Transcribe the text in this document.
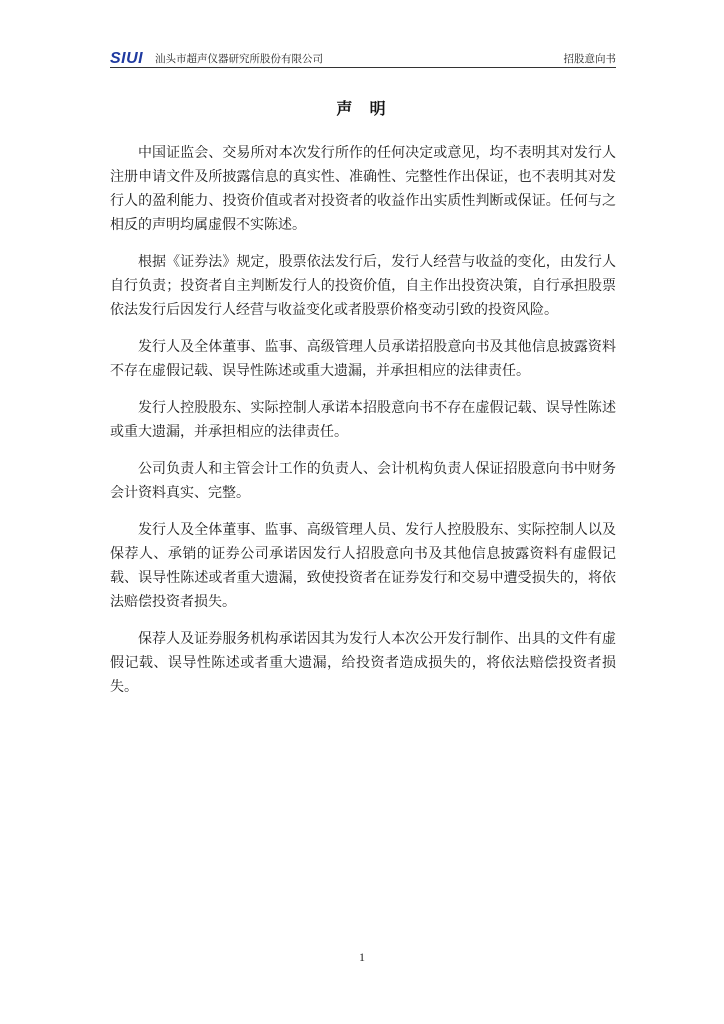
SIUI 汕头市超声仪器研究所股份有限公司	招股意向书
声  明

中国证监会、交易所对本次发行所作的任何决定或意见，均不表明其对发行人注册申请文件及所披露信息的真实性、准确性、完整性作出保证，也不表明其对发行人的盈利能力、投资价值或者对投资者的收益作出实质性判断或保证。任何与之相反的声明均属虚假不实陈述。

根据《证券法》规定，股票依法发行后，发行人经营与收益的变化，由发行人自行负责；投资者自主判断发行人的投资价值，自主作出投资决策，自行承担股票依法发行后因发行人经营与收益变化或者股票价格变动引致的投资风险。

发行人及全体董事、监事、高级管理人员承诺招股意向书及其他信息披露资料不存在虚假记载、误导性陈述或重大遗漏，并承担相应的法律责任。

发行人控股股东、实际控制人承诺本招股意向书不存在虚假记载、误导性陈述或重大遗漏，并承担相应的法律责任。

公司负责人和主管会计工作的负责人、会计机构负责人保证招股意向书中财务会计资料真实、完整。

发行人及全体董事、监事、高级管理人员、发行人控股股东、实际控制人以及保荐人、承销的证券公司承诺因发行人招股意向书及其他信息披露资料有虚假记载、误导性陈述或者重大遗漏，致使投资者在证券发行和交易中遭受损失的，将依法赔偿投资者损失。

保荐人及证券服务机构承诺因其为发行人本次公开发行制作、出具的文件有虚假记载、误导性陈述或者重大遗漏，给投资者造成损失的，将依法赔偿投资者损失。

1
